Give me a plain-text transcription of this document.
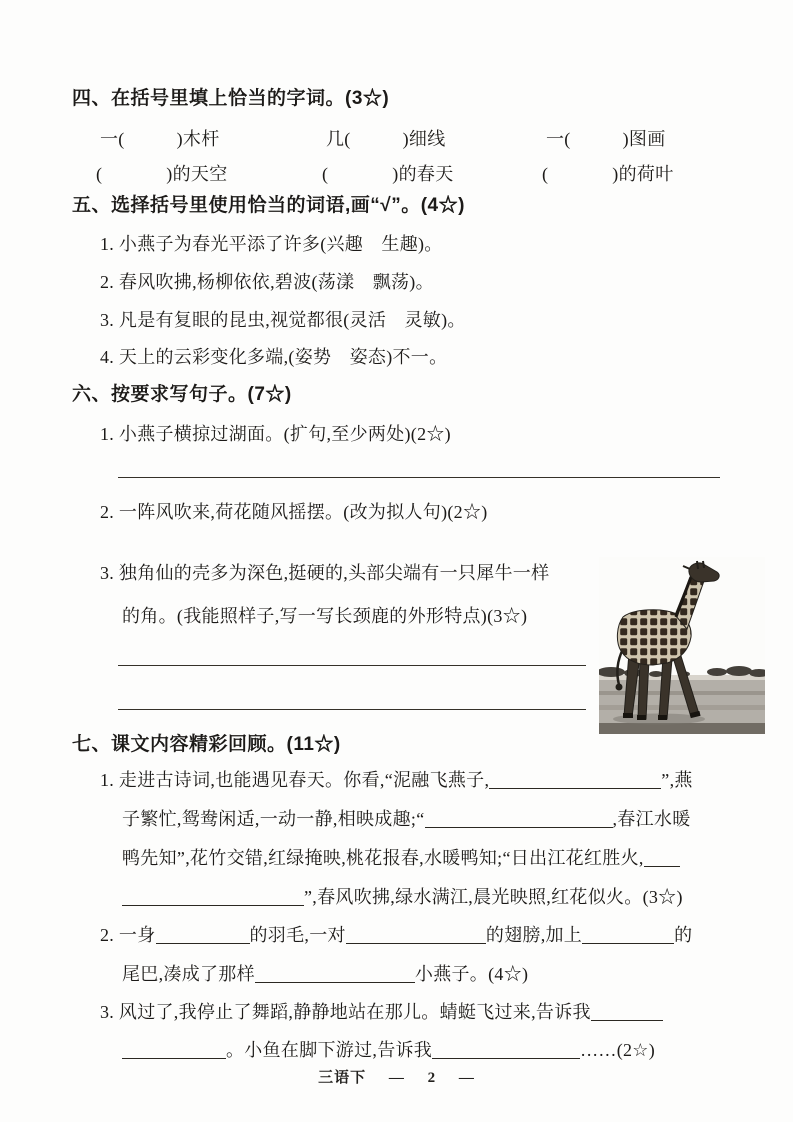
四、在括号里填上恰当的字词。(3☆)
一(	)木杆	几(	)细线	一(	)图画
(	)的天空	(	)的春天	(	)的荷叶
五、选择括号里使用恰当的词语,画“√”。(4☆)
1. 小燕子为春光平添了许多(兴趣　生趣)。
2. 春风吹拂,杨柳依依,碧波(荡漾　飘荡)。
3. 凡是有复眼的昆虫,视觉都很(灵活　灵敏)。
4. 天上的云彩变化多端,(姿势　姿态)不一。
六、按要求写句子。(7☆)
1. 小燕子横掠过湖面。(扩句,至少两处)(2☆)
2. 一阵风吹来,荷花随风摇摆。(改为拟人句)(2☆)
3. 独角仙的壳多为深色,挺硬的,头部尖端有一只犀牛一样
的角。(我能照样子,写一写长颈鹿的外形特点)(3☆)
七、课文内容精彩回顾。(11☆)
1. 走进古诗词,也能遇见春天。你看,“泥融飞燕子,	”,燕
子繁忙,鸳鸯闲适,一动一静,相映成趣;“	,春江水暖
鸭先知”,花竹交错,红绿掩映,桃花报春,水暖鸭知;“日出江花红胜火,
”,春风吹拂,绿水满江,晨光映照,红花似火。(3☆)
2. 一身	的羽毛,一对	的翅膀,加上	的
尾巴,凑成了那样	小燕子。(4☆)
3. 风过了,我停止了舞蹈,静静地站在那儿。蜻蜓飞过来,告诉我
。小鱼在脚下游过,告诉我	……(2☆)
三语下 — 2 —
